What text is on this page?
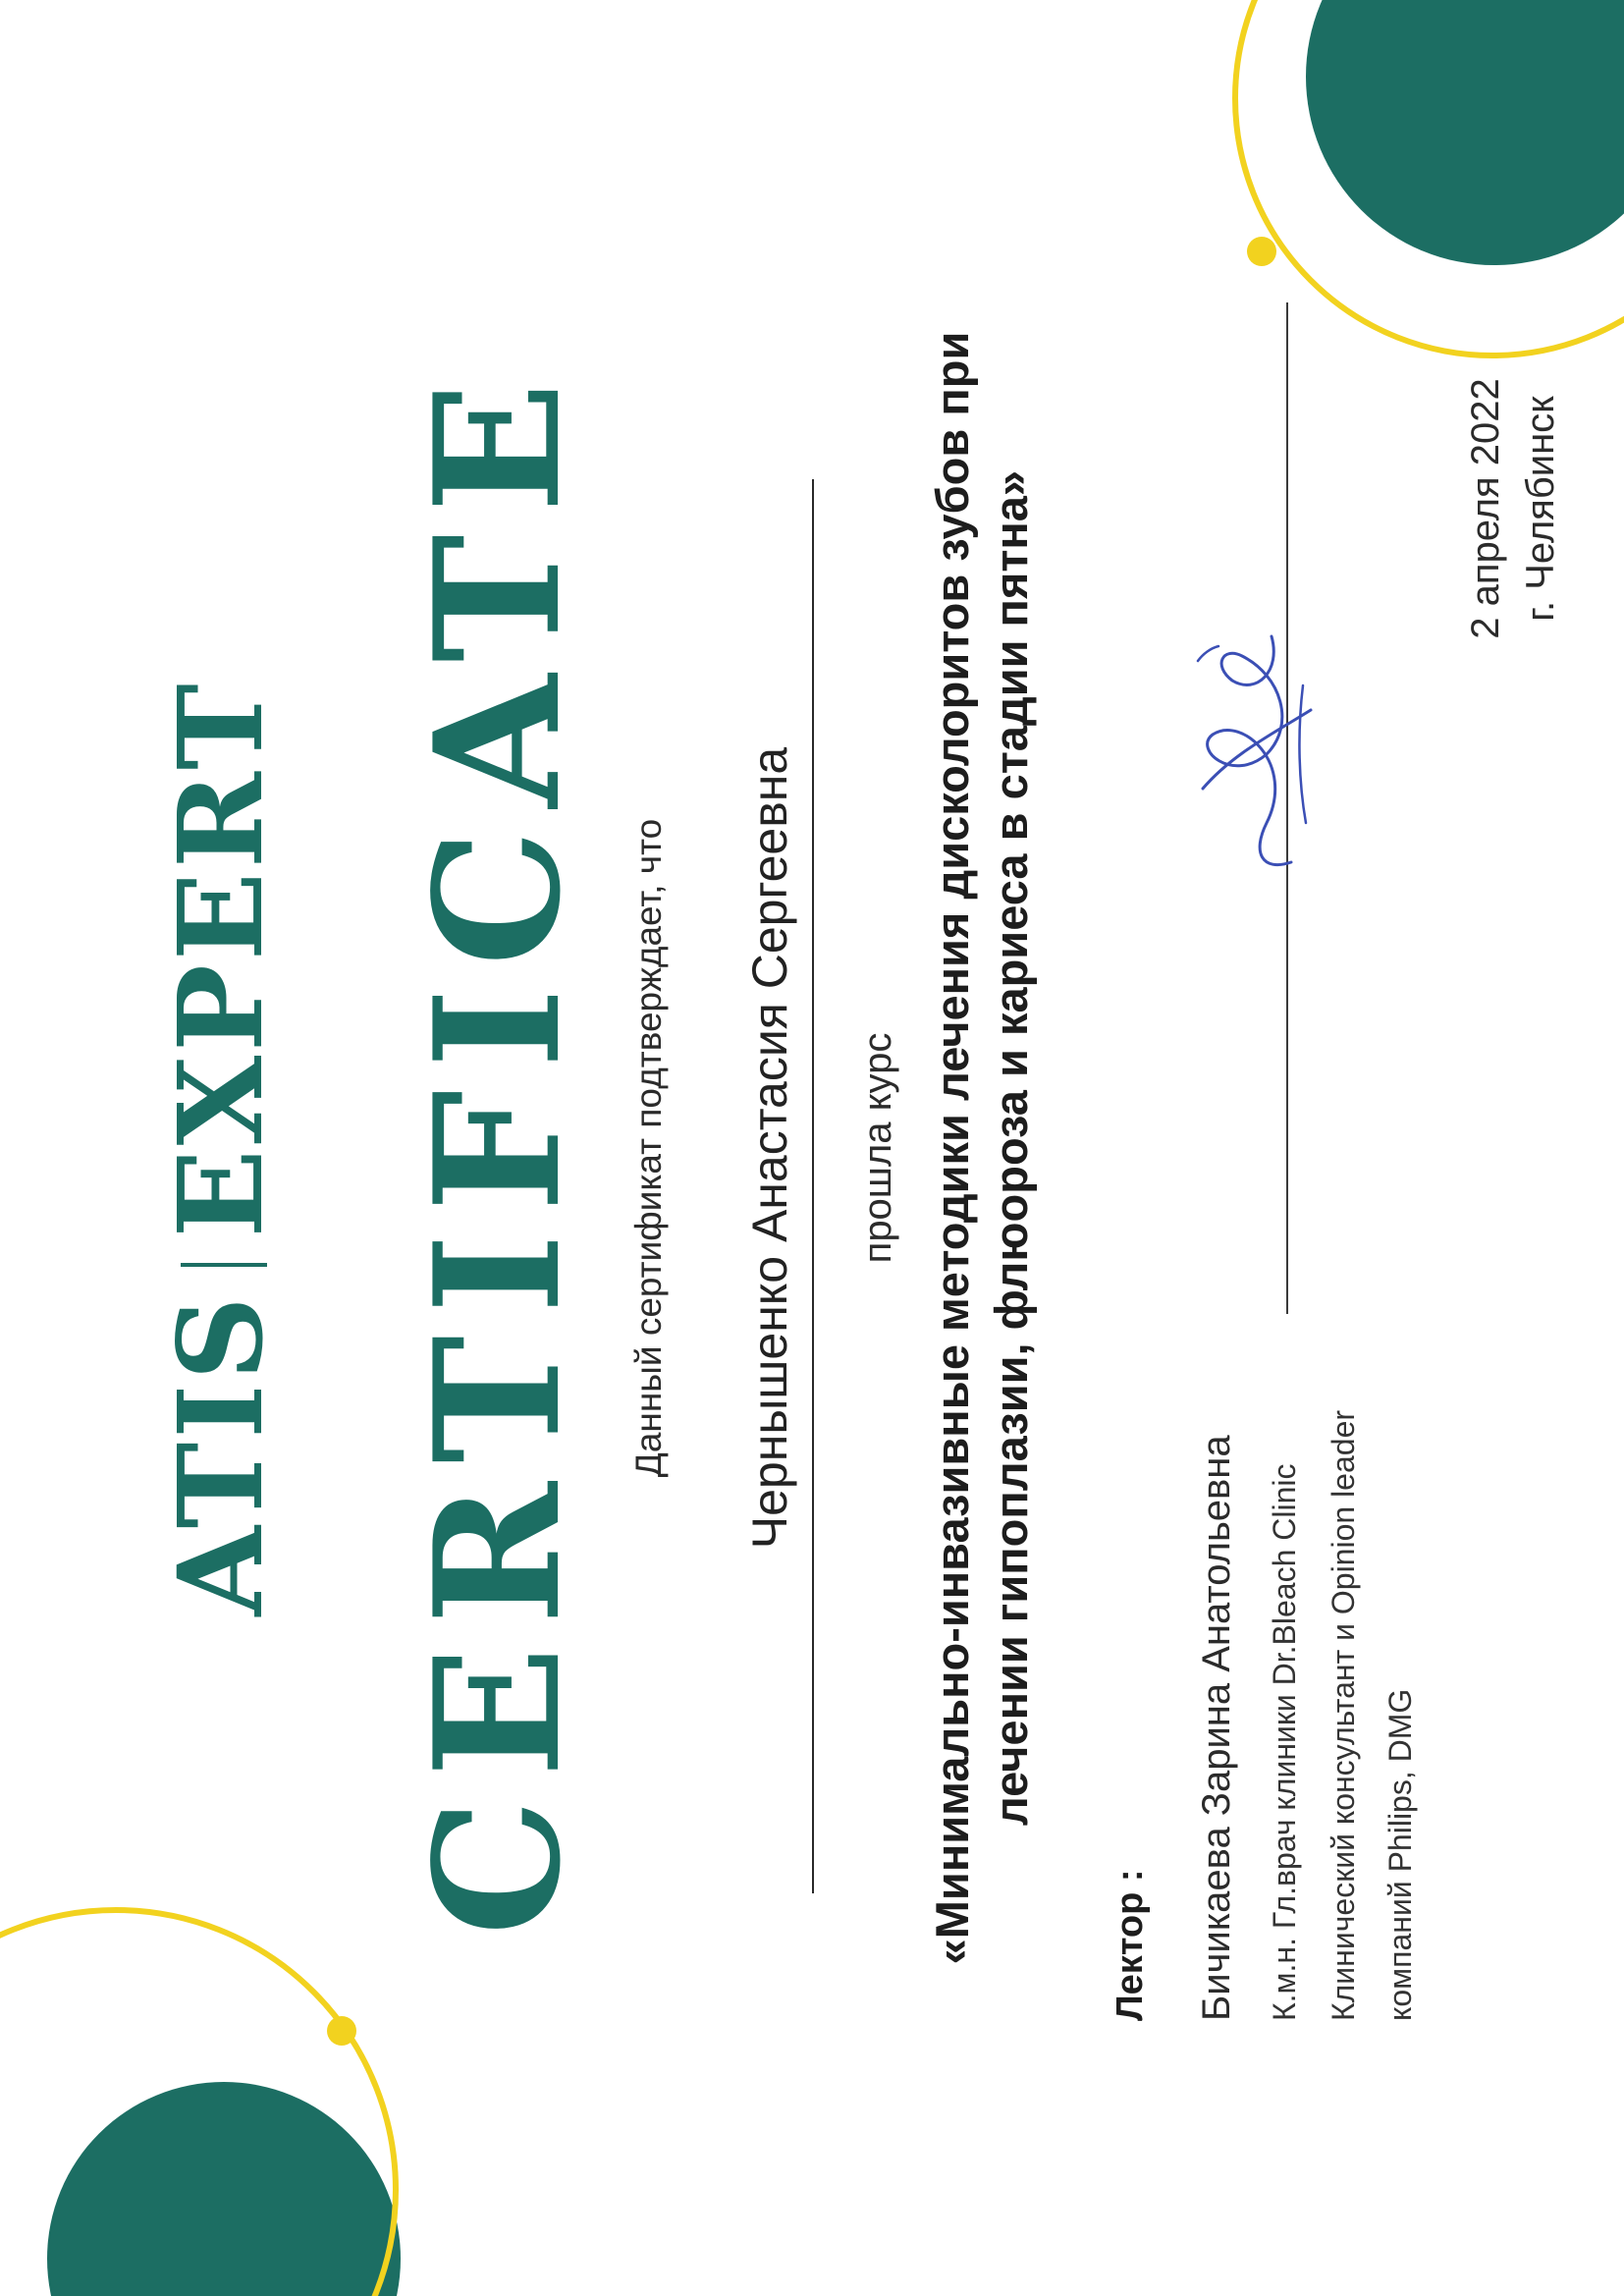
ATISEXPERT CERTIFICATE Данный сертификат подтверждает, что Чернышенко Анастасия Сергеевна прошла курс «Минимально-инвазивные методики лечения дисколоритов зубов при лечении гипоплазии, флюороза и кариеса в стадии пятна»
Лектор : Бичикаева Зарина Анатольевна К.м.н. Гл.врач клиники Dr.Bleach Clinic Клинический консультант и Opinion leader компаний Philips, DMG
2 апреля 2022 г. Челябинск
